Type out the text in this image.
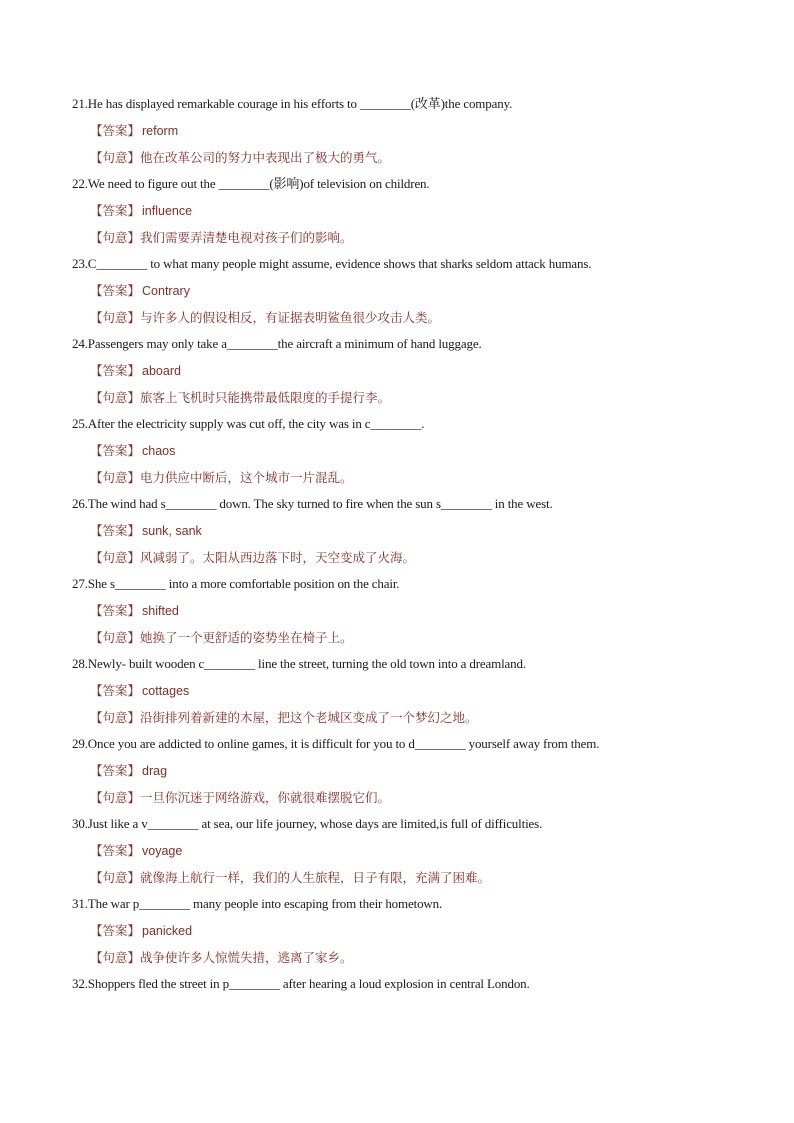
21.He has displayed remarkable courage in his efforts to ________(改革)the company.
【答案】 reform
【句意】他在改革公司的努力中表现出了极大的勇气。
22.We need to figure out the ________(影响)of television on children.
【答案】 influence
【句意】我们需要弄清楚电视对孩子们的影响。
23.C________ to what many people might assume, evidence shows that sharks seldom attack humans.
【答案】 Contrary
【句意】与许多人的假设相反，有证据表明鲨鱼很少攻击人类。
24.Passengers may only take a________the aircraft a minimum of hand luggage.
【答案】 aboard
【句意】旅客上飞机时只能携带最低限度的手提行李。
25.After the electricity supply was cut off, the city was in c________.
【答案】 chaos
【句意】电力供应中断后，这个城市一片混乱。
26.The wind had s________ down. The sky turned to fire when the sun s________ in the west.
【答案】 sunk, sank
【句意】风减弱了。太阳从西边落下时，天空变成了火海。
27.She s________ into a more comfortable position on the chair.
【答案】 shifted
【句意】她换了一个更舒适的姿势坐在椅子上。
28.Newly- built wooden c________ line the street, turning the old town into a dreamland.
【答案】 cottages
【句意】沿街排列着新建的木屋，把这个老城区变成了一个梦幻之地。
29.Once you are addicted to online games, it is difficult for you to d________ yourself away from them.
【答案】 drag
【句意】一旦你沉迷于网络游戏，你就很难摆脱它们。
30.Just like a v________ at sea, our life journey, whose days are limited,is full of difficulties.
【答案】 voyage
【句意】就像海上航行一样，我们的人生旅程，日子有限，充满了困难。
31.The war p________ many people into escaping from their hometown.
【答案】 panicked
【句意】战争使许多人惊慌失措，逃离了家乡。
32.Shoppers fled the street in p________ after hearing a loud explosion in central London.
